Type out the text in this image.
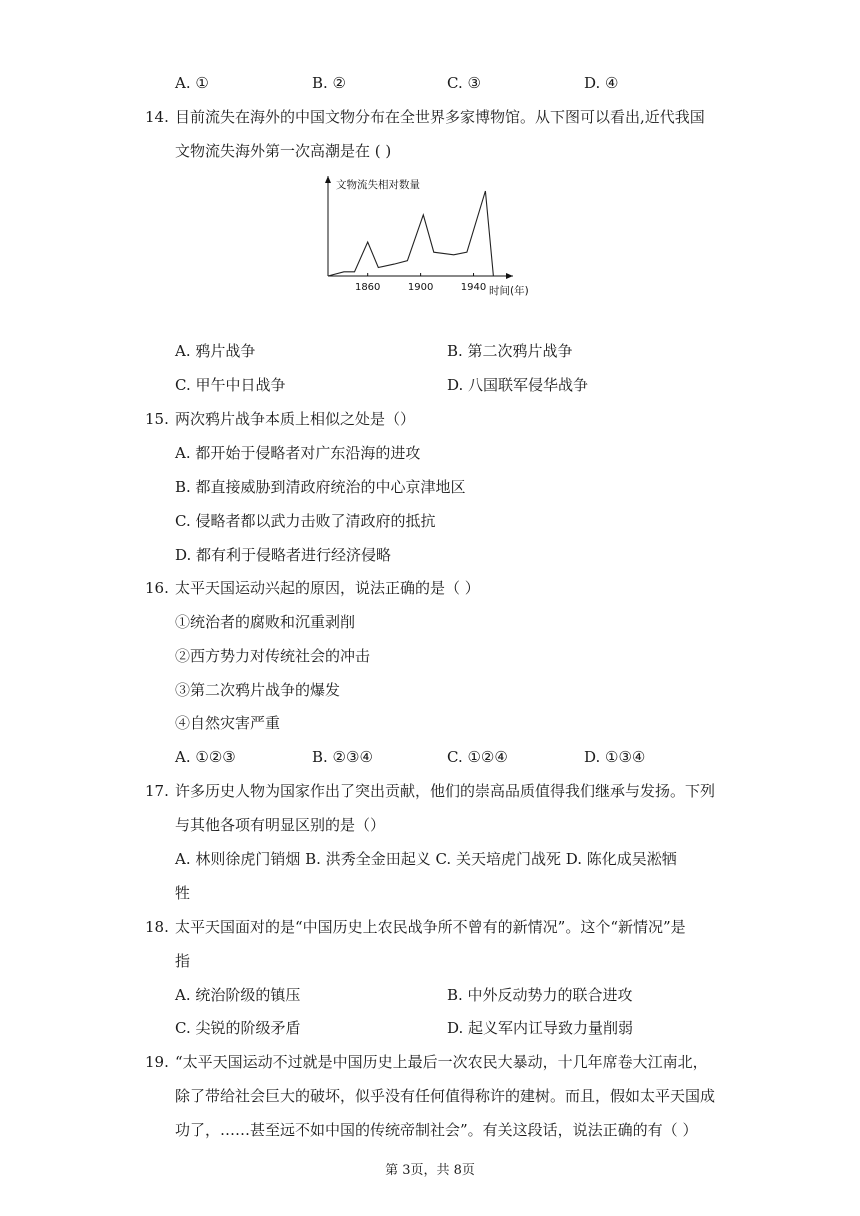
A. ①	B. ②	C. ③	D. ④
14. 目前流失在海外的中国文物分布在全世界多家博物馆。从下图可以看出,近代我国
文物流失海外第一次高潮是在 ( )
1860	1900	1940
文物流失相对数量
时间(年)
A. 鸦片战争	B. 第二次鸦片战争
C. 甲午中日战争	D. 八国联军侵华战争
15. 两次鸦片战争本质上相似之处是（）
A. 都开始于侵略者对广东沿海的进攻
B. 都直接威胁到清政府统治的中心京津地区
C. 侵略者都以武力击败了清政府的抵抗
D. 都有利于侵略者进行经济侵略
16. 太平天国运动兴起的原因，说法正确的是（ ）
①统治者的腐败和沉重剥削
②西方势力对传统社会的冲击
③第二次鸦片战争的爆发
④自然灾害严重
A. ①②③	B. ②③④	C. ①②④	D. ①③④
17. 许多历史人物为国家作出了突出贡献，他们的崇高品质值得我们继承与发扬。下列
与其他各项有明显区别的是（）
A. 林则徐虎门销烟 B. 洪秀全金田起义 C. 关天培虎门战死 D. 陈化成吴淞牺
牲
18. 太平天国面对的是“中国历史上农民战争所不曾有的新情况”。这个“新情况”是
指
A. 统治阶级的镇压	B. 中外反动势力的联合进攻
C. 尖锐的阶级矛盾	D. 起义军内讧导致力量削弱
19. “太平天国运动不过就是中国历史上最后一次农民大暴动，十几年席卷大江南北，
除了带给社会巨大的破坏，似乎没有任何值得称许的建树。而且，假如太平天国成
功了，……甚至远不如中国的传统帝制社会”。有关这段话，说法正确的有（ ）
第 3页，共 8页
